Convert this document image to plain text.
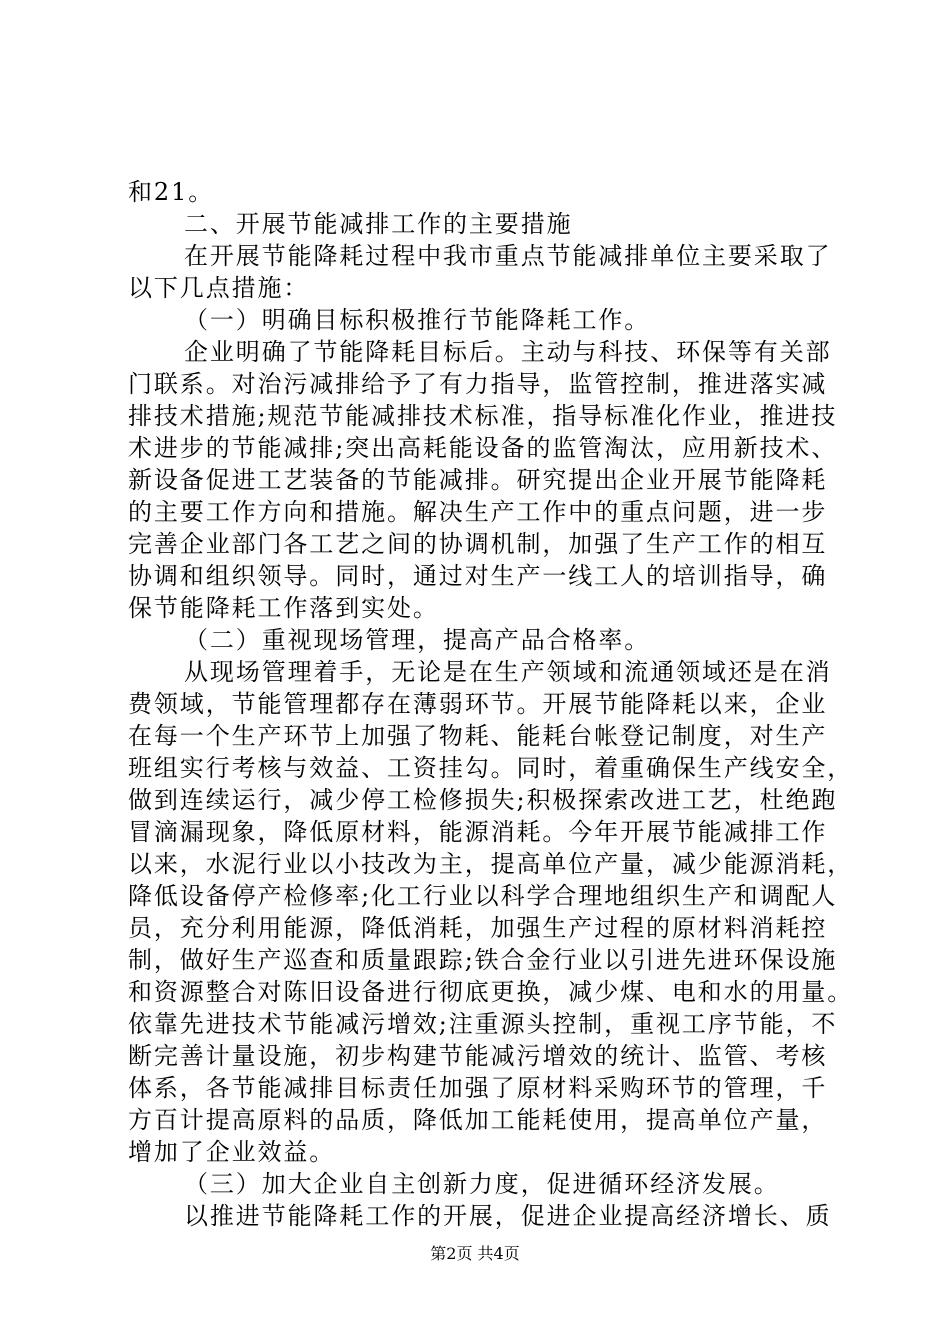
和21。
二、开展节能减排工作的主要措施
在开展节能降耗过程中我市重点节能减排单位主要采取了
以下几点措施：
（一）明确目标积极推行节能降耗工作。
企业明确了节能降耗目标后。主动与科技、环保等有关部
门联系。对治污减排给予了有力指导，监管控制，推进落实减
排技术措施;规范节能减排技术标准，指导标准化作业，推进技
术进步的节能减排;突出高耗能设备的监管淘汰，应用新技术、
新设备促进工艺装备的节能减排。研究提出企业开展节能降耗
的主要工作方向和措施。解决生产工作中的重点问题，进一步
完善企业部门各工艺之间的协调机制，加强了生产工作的相互
协调和组织领导。同时，通过对生产一线工人的培训指导，确
保节能降耗工作落到实处。
（二）重视现场管理，提高产品合格率。
从现场管理着手，无论是在生产领域和流通领域还是在消
费领域，节能管理都存在薄弱环节。开展节能降耗以来，企业
在每一个生产环节上加强了物耗、能耗台帐登记制度，对生产
班组实行考核与效益、工资挂勾。同时，着重确保生产线安全，
做到连续运行，减少停工检修损失;积极探索改进工艺，杜绝跑
冒滴漏现象，降低原材料，能源消耗。今年开展节能减排工作
以来，水泥行业以小技改为主，提高单位产量，减少能源消耗，
降低设备停产检修率;化工行业以科学合理地组织生产和调配人
员，充分利用能源，降低消耗，加强生产过程的原材料消耗控
制，做好生产巡查和质量跟踪;铁合金行业以引进先进环保设施
和资源整合对陈旧设备进行彻底更换，减少煤、电和水的用量。
依靠先进技术节能减污增效;注重源头控制，重视工序节能，不
断完善计量设施，初步构建节能减污增效的统计、监管、考核
体系，各节能减排目标责任加强了原材料采购环节的管理，千
方百计提高原料的品质，降低加工能耗使用，提高单位产量，
增加了企业效益。
（三）加大企业自主创新力度，促进循环经济发展。
以推进节能降耗工作的开展，促进企业提高经济增长、质
第2页 共4页
